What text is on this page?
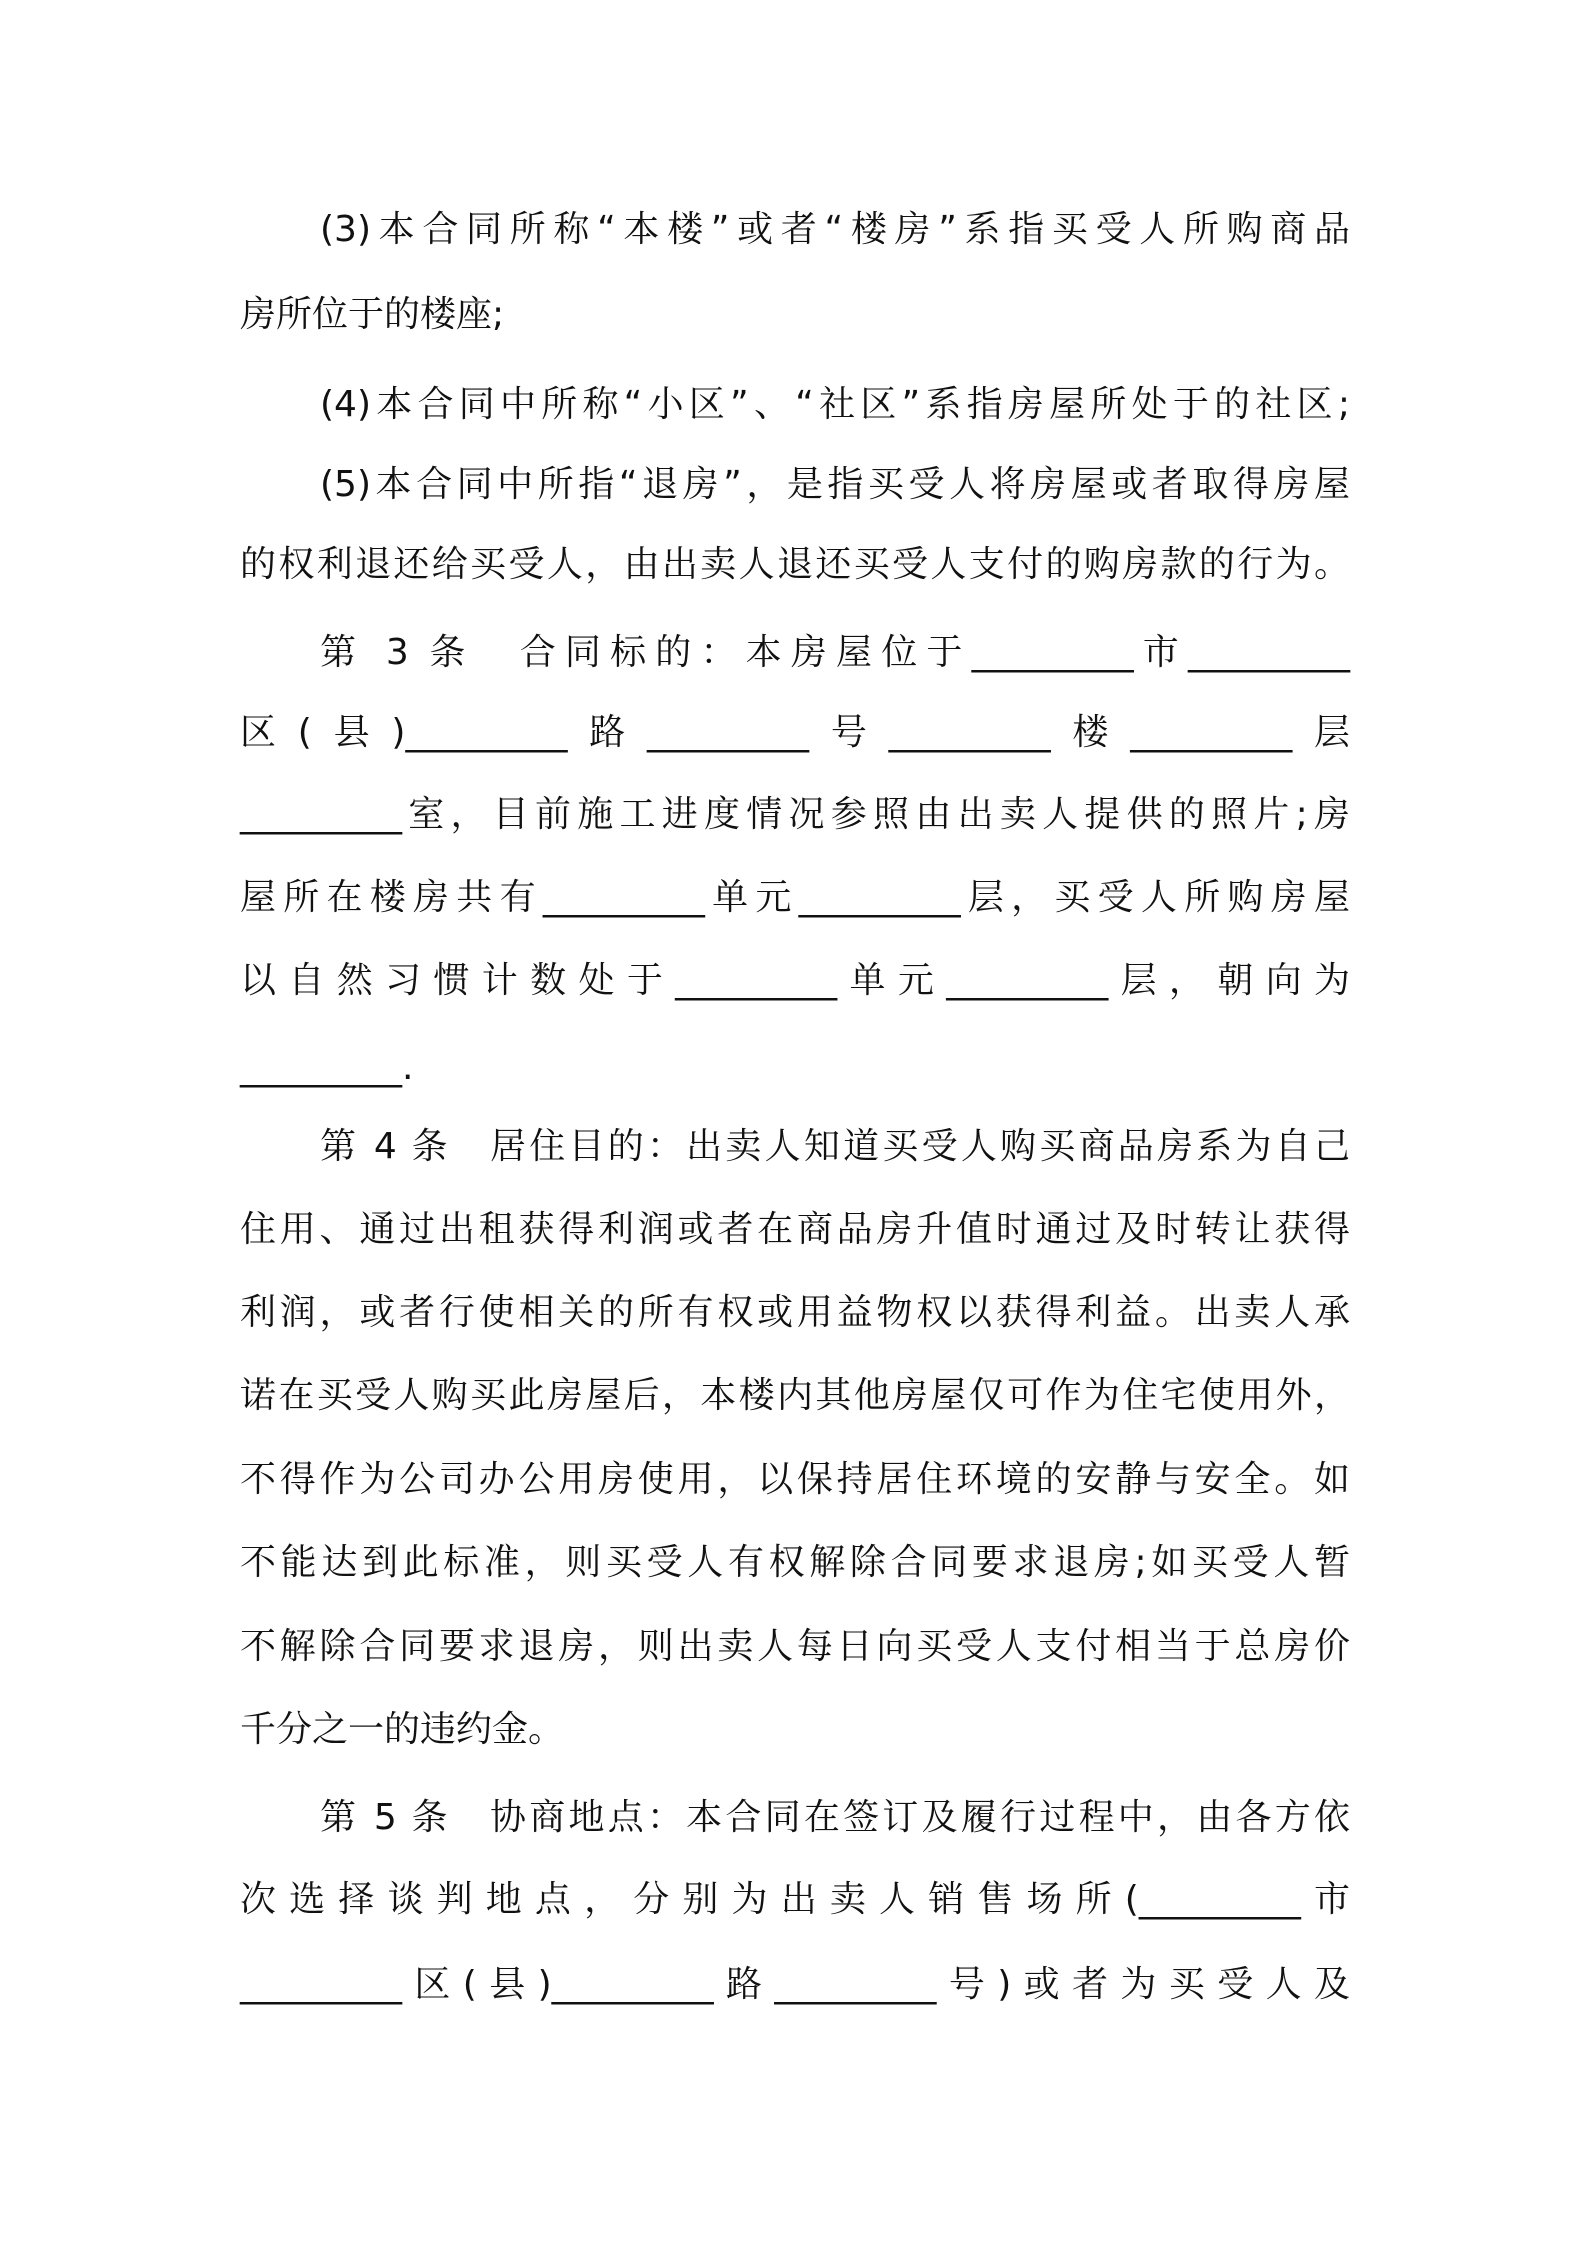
(3)本合同所称“本楼”或者“楼房”系指买受人所购商品

房所位于的楼座;

(4)本合同中所称“小区”、“社区”系指房屋所处于的社区;

(5)本合同中所指“退房”，是指买受人将房屋或者取得房屋

的权利退还给买受人，由出卖人退还买受人支付的购房款的行为。

第 3 条　合同标的：本房屋位于_________市_________

区(县)_________路_________号_________楼_________层

_________室，目前施工进度情况参照由出卖人提供的照片;房

屋所在楼房共有_________单元_________层，买受人所购房屋

以自然习惯计数处于_________单元_________层，朝向为

_________.

第 4 条　居住目的：出卖人知道买受人购买商品房系为自己

住用、通过出租获得利润或者在商品房升值时通过及时转让获得

利润，或者行使相关的所有权或用益物权以获得利益。出卖人承

诺在买受人购买此房屋后，本楼内其他房屋仅可作为住宅使用外，

不得作为公司办公用房使用，以保持居住环境的安静与安全。如

不能达到此标准，则买受人有权解除合同要求退房;如买受人暂

不解除合同要求退房，则出卖人每日向买受人支付相当于总房价

千分之一的违约金。

第 5 条　协商地点：本合同在签订及履行过程中，由各方依

次选择谈判地点，分别为出卖人销售场所(_________市

_________区(县)_________路_________号)或者为买受人及
